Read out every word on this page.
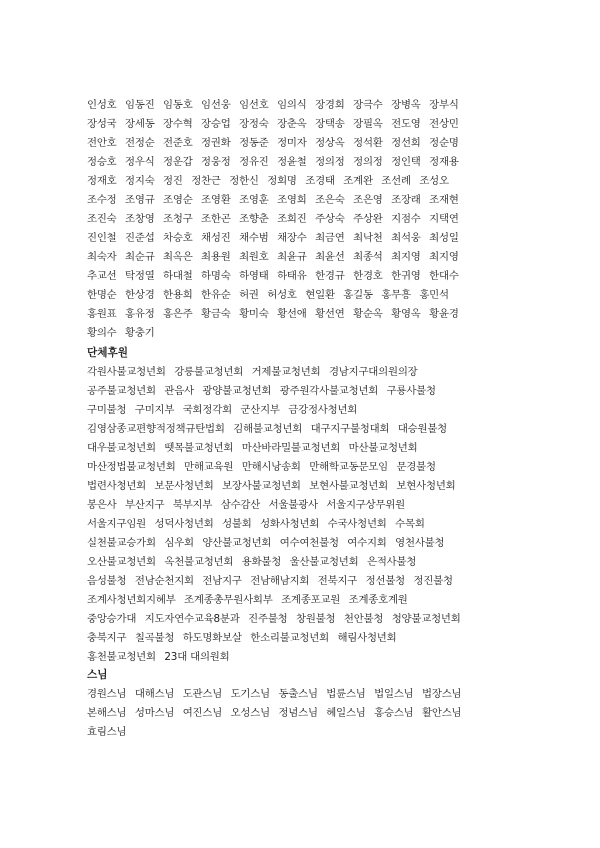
인성호 임동진 임동호 임선웅 임선호 임의식 장경희 장극수 장병옥 장부식
장성국 장세동 장수혁 장승업 장정숙 장춘옥 장택송 장필옥 전도영 전상민
전안호 전정순 전준호 정권화 정동준 정미자 정상옥 정석환 정선희 정순명
정승호 정우식 정운갑 정웅정 정유진 정윤철 정의정 정의정 정인택 정재용
정재호 정지숙 정진 정찬근 정한신 정회명 조경태 조계완 조선례 조성오
조수정 조영규 조영순 조영환 조영훈 조영희 조은숙 조은영 조장래 조재현
조진숙 조창영 조청구 조한곤 조향춘 조희진 주상숙 주상완 지점수 지택연
진인철 진준섭 차승호 채성진 채수범 채장수 최금연 최낙천 최석웅 최성일
최숙자 최순규 최옥은 최용원 최원호 최윤규 최윤선 최종석 최지영 최지영
추교선 탁정열 하대철 하명숙 하영태 하태유 한경규 한경호 한귀영 한대수
한명순 한상경 한용희 한유순 허권 허성호 현일환 홍길동 홍무흥 홍민석
홍원표 홍유정 홍은주 황금숙 황미숙 황선애 황선연 황순옥 황영옥 황윤경
황의수 황충기
단체후원
각원사불교청년회 강릉불교청년회 거제불교청년회 경남지구대의원의장
공주불교청년회 관음사 광양불교청년회 광주원각사불교청년회 구룡사불청
구미불청 구미지부 국회정각회 군산지부 금강정사청년회
김영삼종교편향적정책규탄법회 김해불교청년회 대구지구불청대회 대승원불청
대우불교청년회 뗏목불교청년회 마산바라밀불교청년회 마산불교청년회
마산정법불교청년회 만해교육원 만해시낭송회 만해학교동문모임 문경불청
법련사청년회 보문사청년회 보장사불교청년회 보현사불교청년회 보현사청년회
봉은사 부산지구 북부지부 삼수감산 서울불광사 서울지구상무위원
서울지구임원 성덕사청년회 성불회 성화사청년회 수국사청년회 수목회
실천불교승가회 심우회 양산불교청년회 여수여천불청 여수지회 영천사불청
오산불교청년회 옥천불교청년회 용화불청 울산불교청년회 은적사불청
음성불청 전남순천지회 전남지구 전남해남지회 전북지구 정선불청 정진불청
조계사청년회지혜부 조계종총무원사회부 조계종포교원 조계종호계원
중앙승가대 지도자연수교육8분과 진주불청 창원불청 천안불청 청양불교청년회
충북지구 칠곡불청 하도명화보살 한소리불교청년회 해림사청년회
홍천불교청년회 23대 대의원회
스님
경원스님 대해스님 도관스님 도기스님 동출스님 법륜스님 법일스님 법장스님
본해스님 성마스님 여진스님 오성스님 정념스님 혜일스님 홍승스님 활안스님
효림스님
